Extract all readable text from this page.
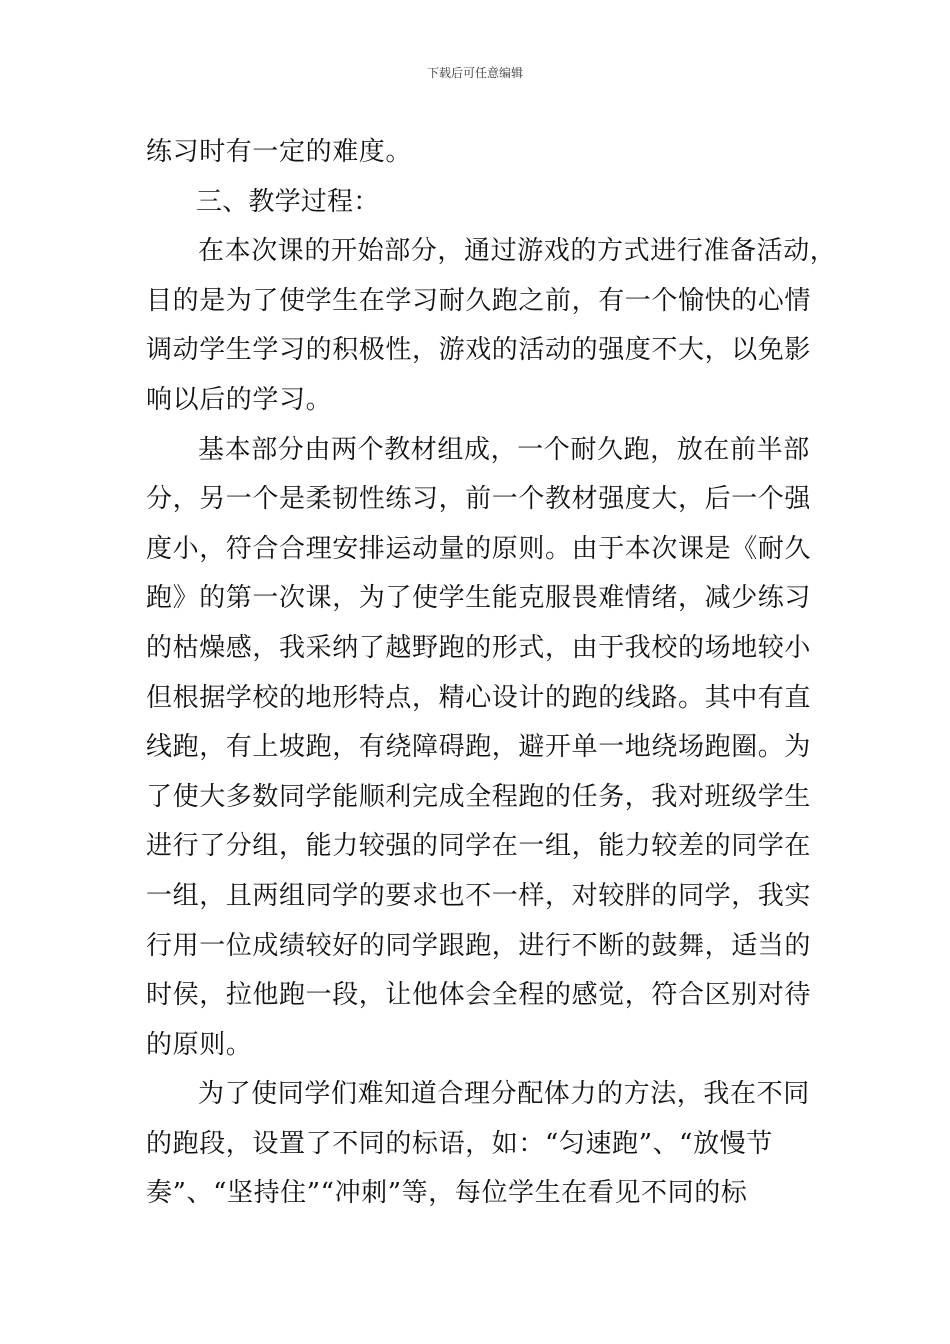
下载后可任意编辑
练习时有一定的难度。
三、教学过程：
在本次课的开始部分，通过游戏的方式进行准备活动，
目的是为了使学生在学习耐久跑之前，有一个愉快的心情
调动学生学习的积极性，游戏的活动的强度不大，以免影
响以后的学习。
基本部分由两个教材组成，一个耐久跑，放在前半部
分，另一个是柔韧性练习，前一个教材强度大，后一个强
度小，符合合理安排运动量的原则。由于本次课是《耐久
跑》的第一次课，为了使学生能克服畏难情绪，减少练习
的枯燥感，我采纳了越野跑的形式，由于我校的场地较小
但根据学校的地形特点，精心设计的跑的线路。其中有直
线跑，有上坡跑，有绕障碍跑，避开单一地绕场跑圈。为
了使大多数同学能顺利完成全程跑的任务，我对班级学生
进行了分组，能力较强的同学在一组，能力较差的同学在
一组，且两组同学的要求也不一样，对较胖的同学，我实
行用一位成绩较好的同学跟跑，进行不断的鼓舞，适当的
时侯，拉他跑一段，让他体会全程的感觉，符合区别对待
的原则。
为了使同学们难知道合理分配体力的方法，我在不同
的跑段，设置了不同的标语，如：“匀速跑”、“放慢节
奏”、“坚持住”“冲刺”等，每位学生在看见不同的标
